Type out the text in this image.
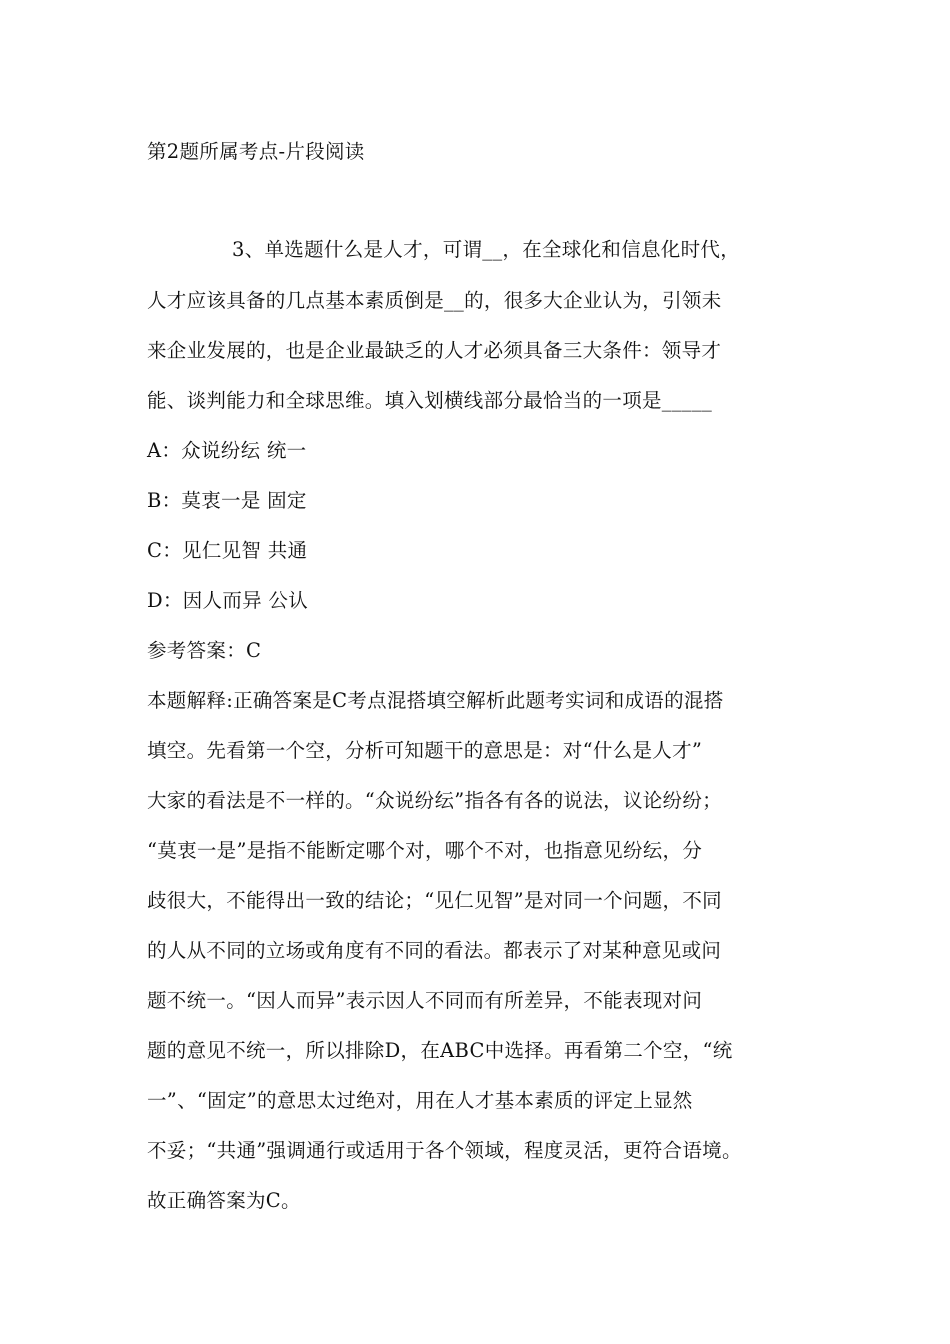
第2题所属考点-片段阅读
3、单选题什么是人才，可谓__，在全球化和信息化时代，
人才应该具备的几点基本素质倒是__的，很多大企业认为，引领未
来企业发展的，也是企业最缺乏的人才必须具备三大条件：领导才
能、谈判能力和全球思维。填入划横线部分最恰当的一项是_____
A：众说纷纭 统一
B：莫衷一是 固定
C：见仁见智 共通
D：因人而异 公认
参考答案：C
本题解释:正确答案是C考点混搭填空解析此题考实词和成语的混搭
填空。先看第一个空，分析可知题干的意思是：对“什么是人才”
大家的看法是不一样的。“众说纷纭”指各有各的说法，议论纷纷；
“莫衷一是”是指不能断定哪个对，哪个不对，也指意见纷纭，分
歧很大，不能得出一致的结论；“见仁见智”是对同一个问题，不同
的人从不同的立场或角度有不同的看法。都表示了对某种意见或问
题不统一。“因人而异”表示因人不同而有所差异，不能表现对问
题的意见不统一，所以排除D，在ABC中选择。再看第二个空，“统
一”、“固定”的意思太过绝对，用在人才基本素质的评定上显然
不妥；“共通”强调通行或适用于各个领域，程度灵活，更符合语境。
故正确答案为C。
